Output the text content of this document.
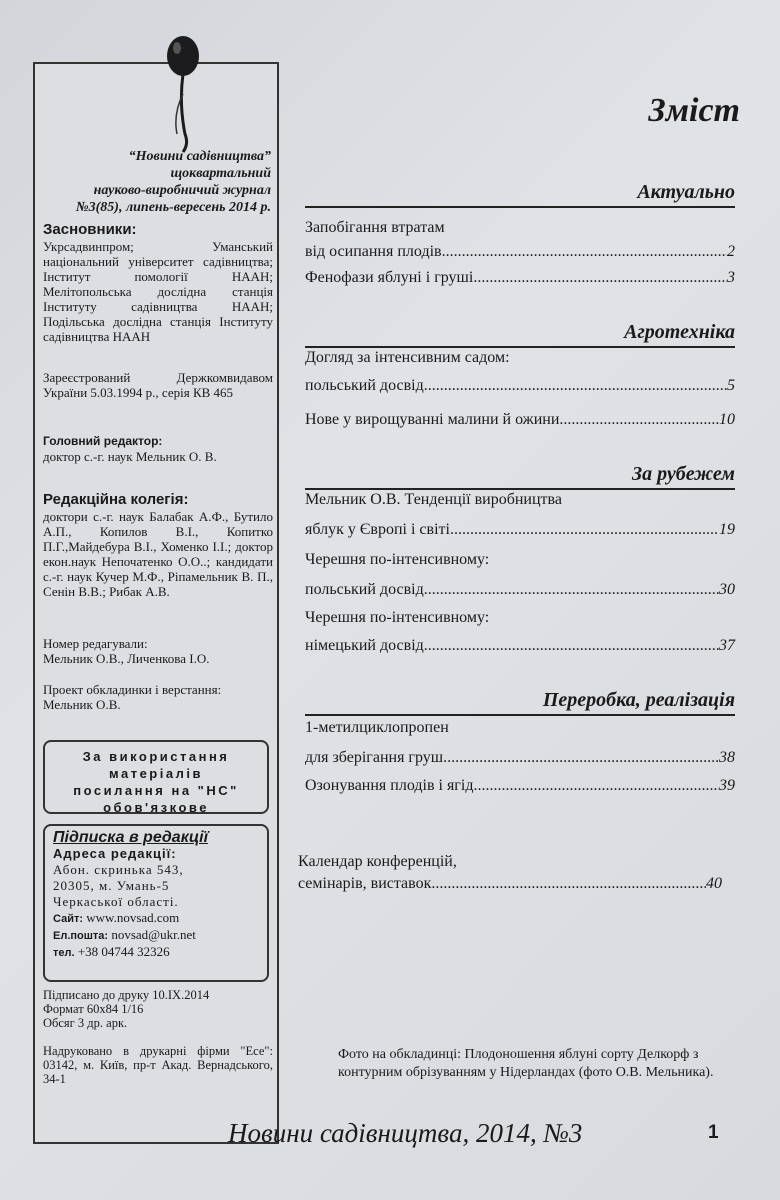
“Новини садівництва”
щоквартальний
науково-виробничий журнал
№3(85), липень-вересень 2014 р.
Засновники:
Укрсадвинпром; Уманський національний університет садівництва; Інститут помології НААН; Мелітопольська дослідна станція Інституту садівництва НААН; Подільська дослідна станція Інституту садівництва НААН
Зареєстрований Держкомвидавом України 5.03.1994 р., серія КВ 465
Головний редактор:
доктор с.-г. наук Мельник О. В.
Редакційна колегія:
доктори с.-г. наук Балабак А.Ф., Бутило А.П., Копилов В.І., Копитко П.Г.,Майдебура В.І., Хоменко І.І.; доктор екон.наук Непочатенко О.О..; кандидати с.-г. наук Кучер М.Ф., Ріпамельник В. П., Сенін В.В.; Рибак А.В.
Номер редагували:
Мельник О.В., Личенкова І.О.
Проект обкладинки і верстання: Мельник О.В.
За використання
матеріалів
посилання на "НС"
обов'язкове
Підписка в редакції
Адреса редакції:
Абон. скринька 543,
20305, м. Умань-5
Черкаської області.
Сайт: www.novsad.com
Ел.пошта: novsad@ukr.net
тел. +38 04744 32326
Підписано до друку 10.IX.2014
Формат 60х84 1/16
Обсяг 3 др. арк.
Надруковано в друкарні фірми "Есе": 03142, м. Київ, пр-т Акад. Вернадського, 34-1
Зміст
Актуально
Запобігання втратам
від осипання плодів .....	2
Фенофази яблуні і груші .....	3
Агротехніка
Догляд за інтенсивним садом:
польський досвід .....	5
Нове у вирощуванні малини й ожини .....	10
За рубежем
Мельник О.В. Тенденції виробництва
яблук у Європі і світі .....	19
Черешня по-інтенсивному:
польський досвід .....	30
Черешня по-інтенсивному:
німецький досвід .....	37
Переробка, реалізація
1-метилциклопропен
для зберігання груш .....	38
Озонування плодів і ягід .....	39
Календар конференцій,
семінарів, виставок .....	40
Фото на обкладинці: Плодоношення яблуні сорту Делкорф з контурним обрізуванням у Нідерландах (фото О.В. Мельника).
Новини садівництва, 2014, №3	1
